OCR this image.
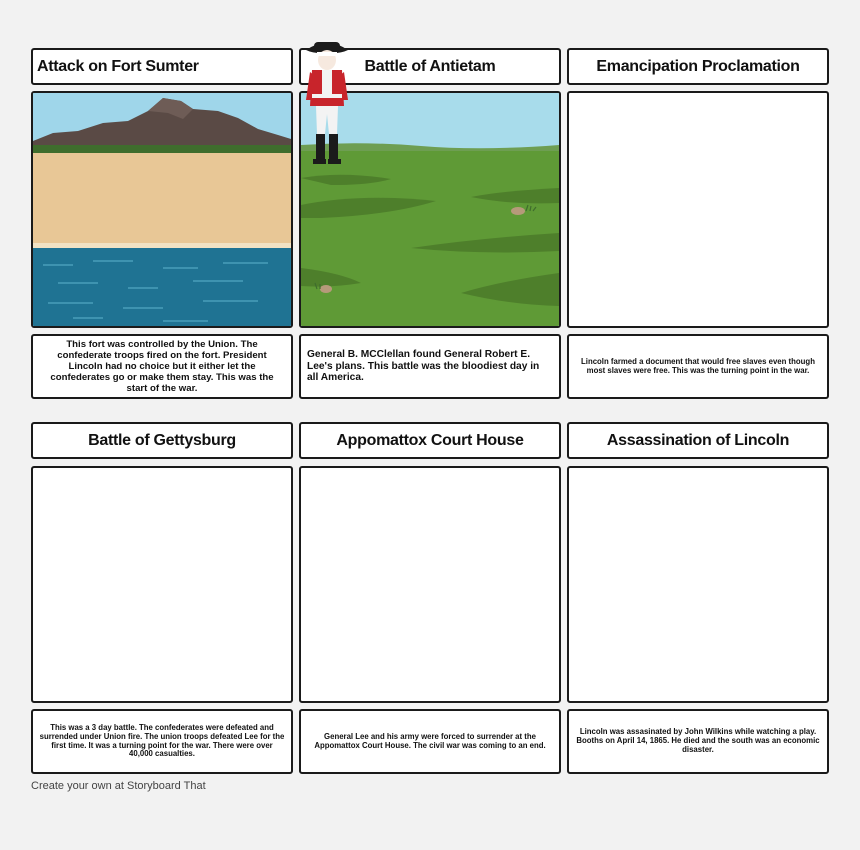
Attack on Fort Sumter
This fort was controlled by the Union. The confederate troops fired on the fort. President Lincoln had no choice but it either let the confederates go or make them stay. This was the start of the war.
Battle of Antietam
General B. MCClellan found General Robert E. Lee's plans. This battle was the bloodiest day in all America.
Emancipation Proclamation
Lincoln farmed a document that would free slaves even though most slaves were free. This was the turning point in the war.
Battle of Gettysburg
This was a 3 day battle. The confederates were defeated and surrended under Union fire. The union troops defeated Lee for the first time. It was a turning point for the war. There were over 40,000 casualties.
Appomattox Court House
General Lee and his army were forced to surrender at the Appomattox Court House. The civil war was coming to an end.
Assassination of Lincoln
Lincoln was assasinated by John Wilkins while watching a play. Booths on April 14, 1865. He died and the south was an economic disaster.
Create your own at Storyboard That
